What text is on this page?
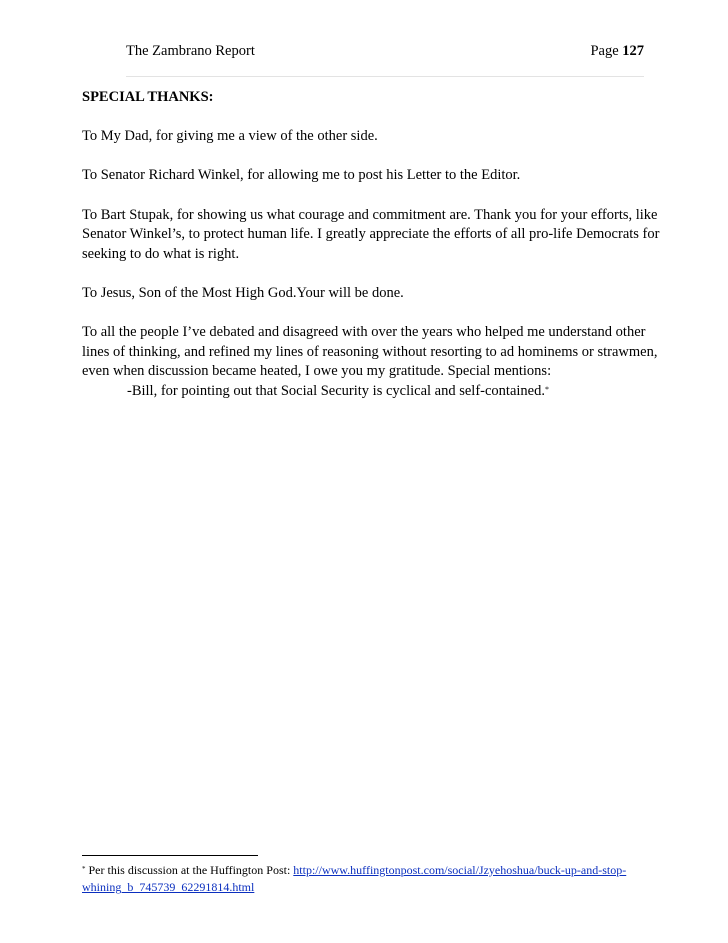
The Zambrano Report	Page 127

SPECIAL THANKS:

To My Dad, for giving me a view of the other side.

To Senator Richard Winkel, for allowing me to post his Letter to the Editor.

To Bart Stupak, for showing us what courage and commitment are. Thank you for your efforts, like Senator Winkel’s, to protect human life. I greatly appreciate the efforts of all pro-life Democrats for seeking to do what is right.

To Jesus, Son of the Most High God.Your will be done.

To all the people I’ve debated and disagreed with over the years who helped me understand other lines of thinking, and refined my lines of reasoning without resorting to ad hominems or strawmen, even when discussion became heated, I owe you my gratitude. Special mentions:

-Bill, for pointing out that Social Security is cyclical and self-contained.*

* Per this discussion at the Huffington Post: http://www.huffingtonpost.com/social/Jzyehoshua/buck-up-and-stop-whining_b_745739_62291814.html
